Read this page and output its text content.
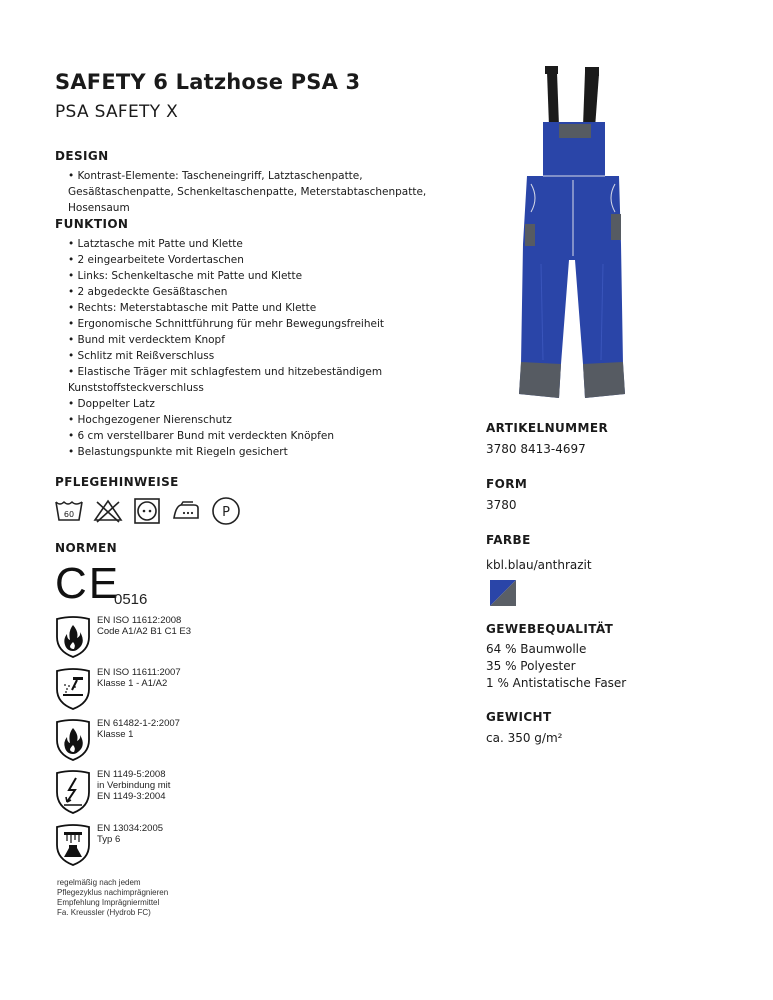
SAFETY 6 Latzhose PSA 3
PSA SAFETY X
DESIGN
• Kontrast-Elemente: Tascheneingriff, Latztaschenpatte, Gesäßtaschenpatte, Schenkeltaschenpatte, Meterstabtaschenpatte, Hosensaum
FUNKTION
• Latztasche mit Patte und Klette
• 2 eingearbeitete Vordertaschen
• Links: Schenkeltasche mit Patte und Klette
• 2 abgedeckte Gesäßtaschen
• Rechts: Meterstabtasche mit Patte und Klette
• Ergonomische Schnittführung für mehr Bewegungsfreiheit
• Bund mit verdecktem Knopf
• Schlitz mit Reißverschluss
• Elastische Träger mit schlagfestem und hitzebeständigem
Kunststoffsteckverschluss
• Doppelter Latz
• Hochgezogener Nierenschutz
• 6 cm verstellbarer Bund mit verdeckten Knöpfen
• Belastungspunkte mit Riegeln gesichert
PFLEGEHINWEISE
60	P
NORMEN
CE
0516
EN ISO 11612:2008
Code A1/A2 B1 C1 E3
EN ISO 11611:2007
Klasse 1 - A1/A2
EN 61482-1-2:2007
Klasse 1
EN 1149-5:2008
in Verbindung mit
EN 1149-3:2004
EN 13034:2005
Typ 6
regelmäßig nach jedem
Pflegezyklus nachimprägnieren
Empfehlung Imprägniermittel
Fa. Kreussler (Hydrob FC)
ARTIKELNUMMER
3780 8413-4697
FORM
3780
FARBE
kbl.blau/anthrazit
GEWEBEQUALITÄT
64 % Baumwolle
35 % Polyester
1 % Antistatische Faser
GEWICHT
ca. 350 g/m²
